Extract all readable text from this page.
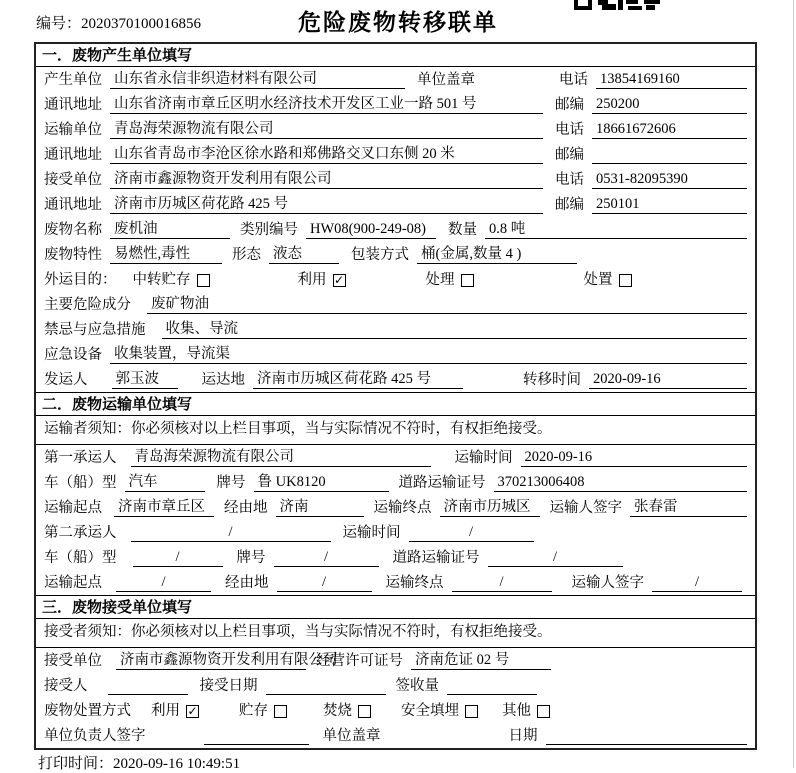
编号：2020370100016856	危险废物转移联单
一．废物产生单位填写
产生单位 山东省永信非织造材料有限公司	单位盖章	电话 13854169160
通讯地址 山东省济南市章丘区明水经济技术开发区工业一路 501 号	邮编 250200
运输单位 青岛海荣源物流有限公司	电话 18661672606
通讯地址 山东省青岛市李沧区徐水路和郑佛路交叉口东侧 20 米	邮编
接受单位 济南市鑫源物资开发利用有限公司	电话 0531-82095390
通讯地址 济南市历城区荷花路 425 号	邮编 250101
废物名称 废机油	类别编号 HW08(900-249-08)	数量 0.8 吨
废物特性 易燃性,毒性	形态 液态	包装方式 桶(金属,数量 4 )
外运目的：	中转贮存	利用 ✓	处理	处置
主要危险成分	废矿物油
禁忌与应急措施	收集、导流
应急设备 收集装置，导流渠
发运人	郭玉波	运达地 济南市历城区荷花路 425 号	转移时间 2020-09-16
二．废物运输单位填写
运输者须知：你必须核对以上栏目事项，当与实际情况不符时，有权拒绝接受。
第一承运人	青岛海荣源物流有限公司	运输时间 2020-09-16
车（船）型 汽车	牌号 鲁 UK8120	道路运输证号 370213006408
运输起点	济南市章丘区	经由地 济南	运输终点 济南市历城区	运输人签字 张春雷
第二承运人	/	运输时间	/
车（船）型	/	牌号	/	道路运输证号	/
运输起点	/	经由地	/	运输终点	/	运输人签字	/
三．废物接受单位填写
接受者须知：你必须核对以上栏目事项，当与实际情况不符时，有权拒绝接受。
接受单位	济南市鑫源物资开发利用有限公司
经营许可证号 济南危证 02 号
接受人	接受日期	签收量
废物处置方式	利用 ✓	贮存	焚烧	安全填埋	其他
单位负责人签字	单位盖章	日期
打印时间：2020-09-16 10:49:51
